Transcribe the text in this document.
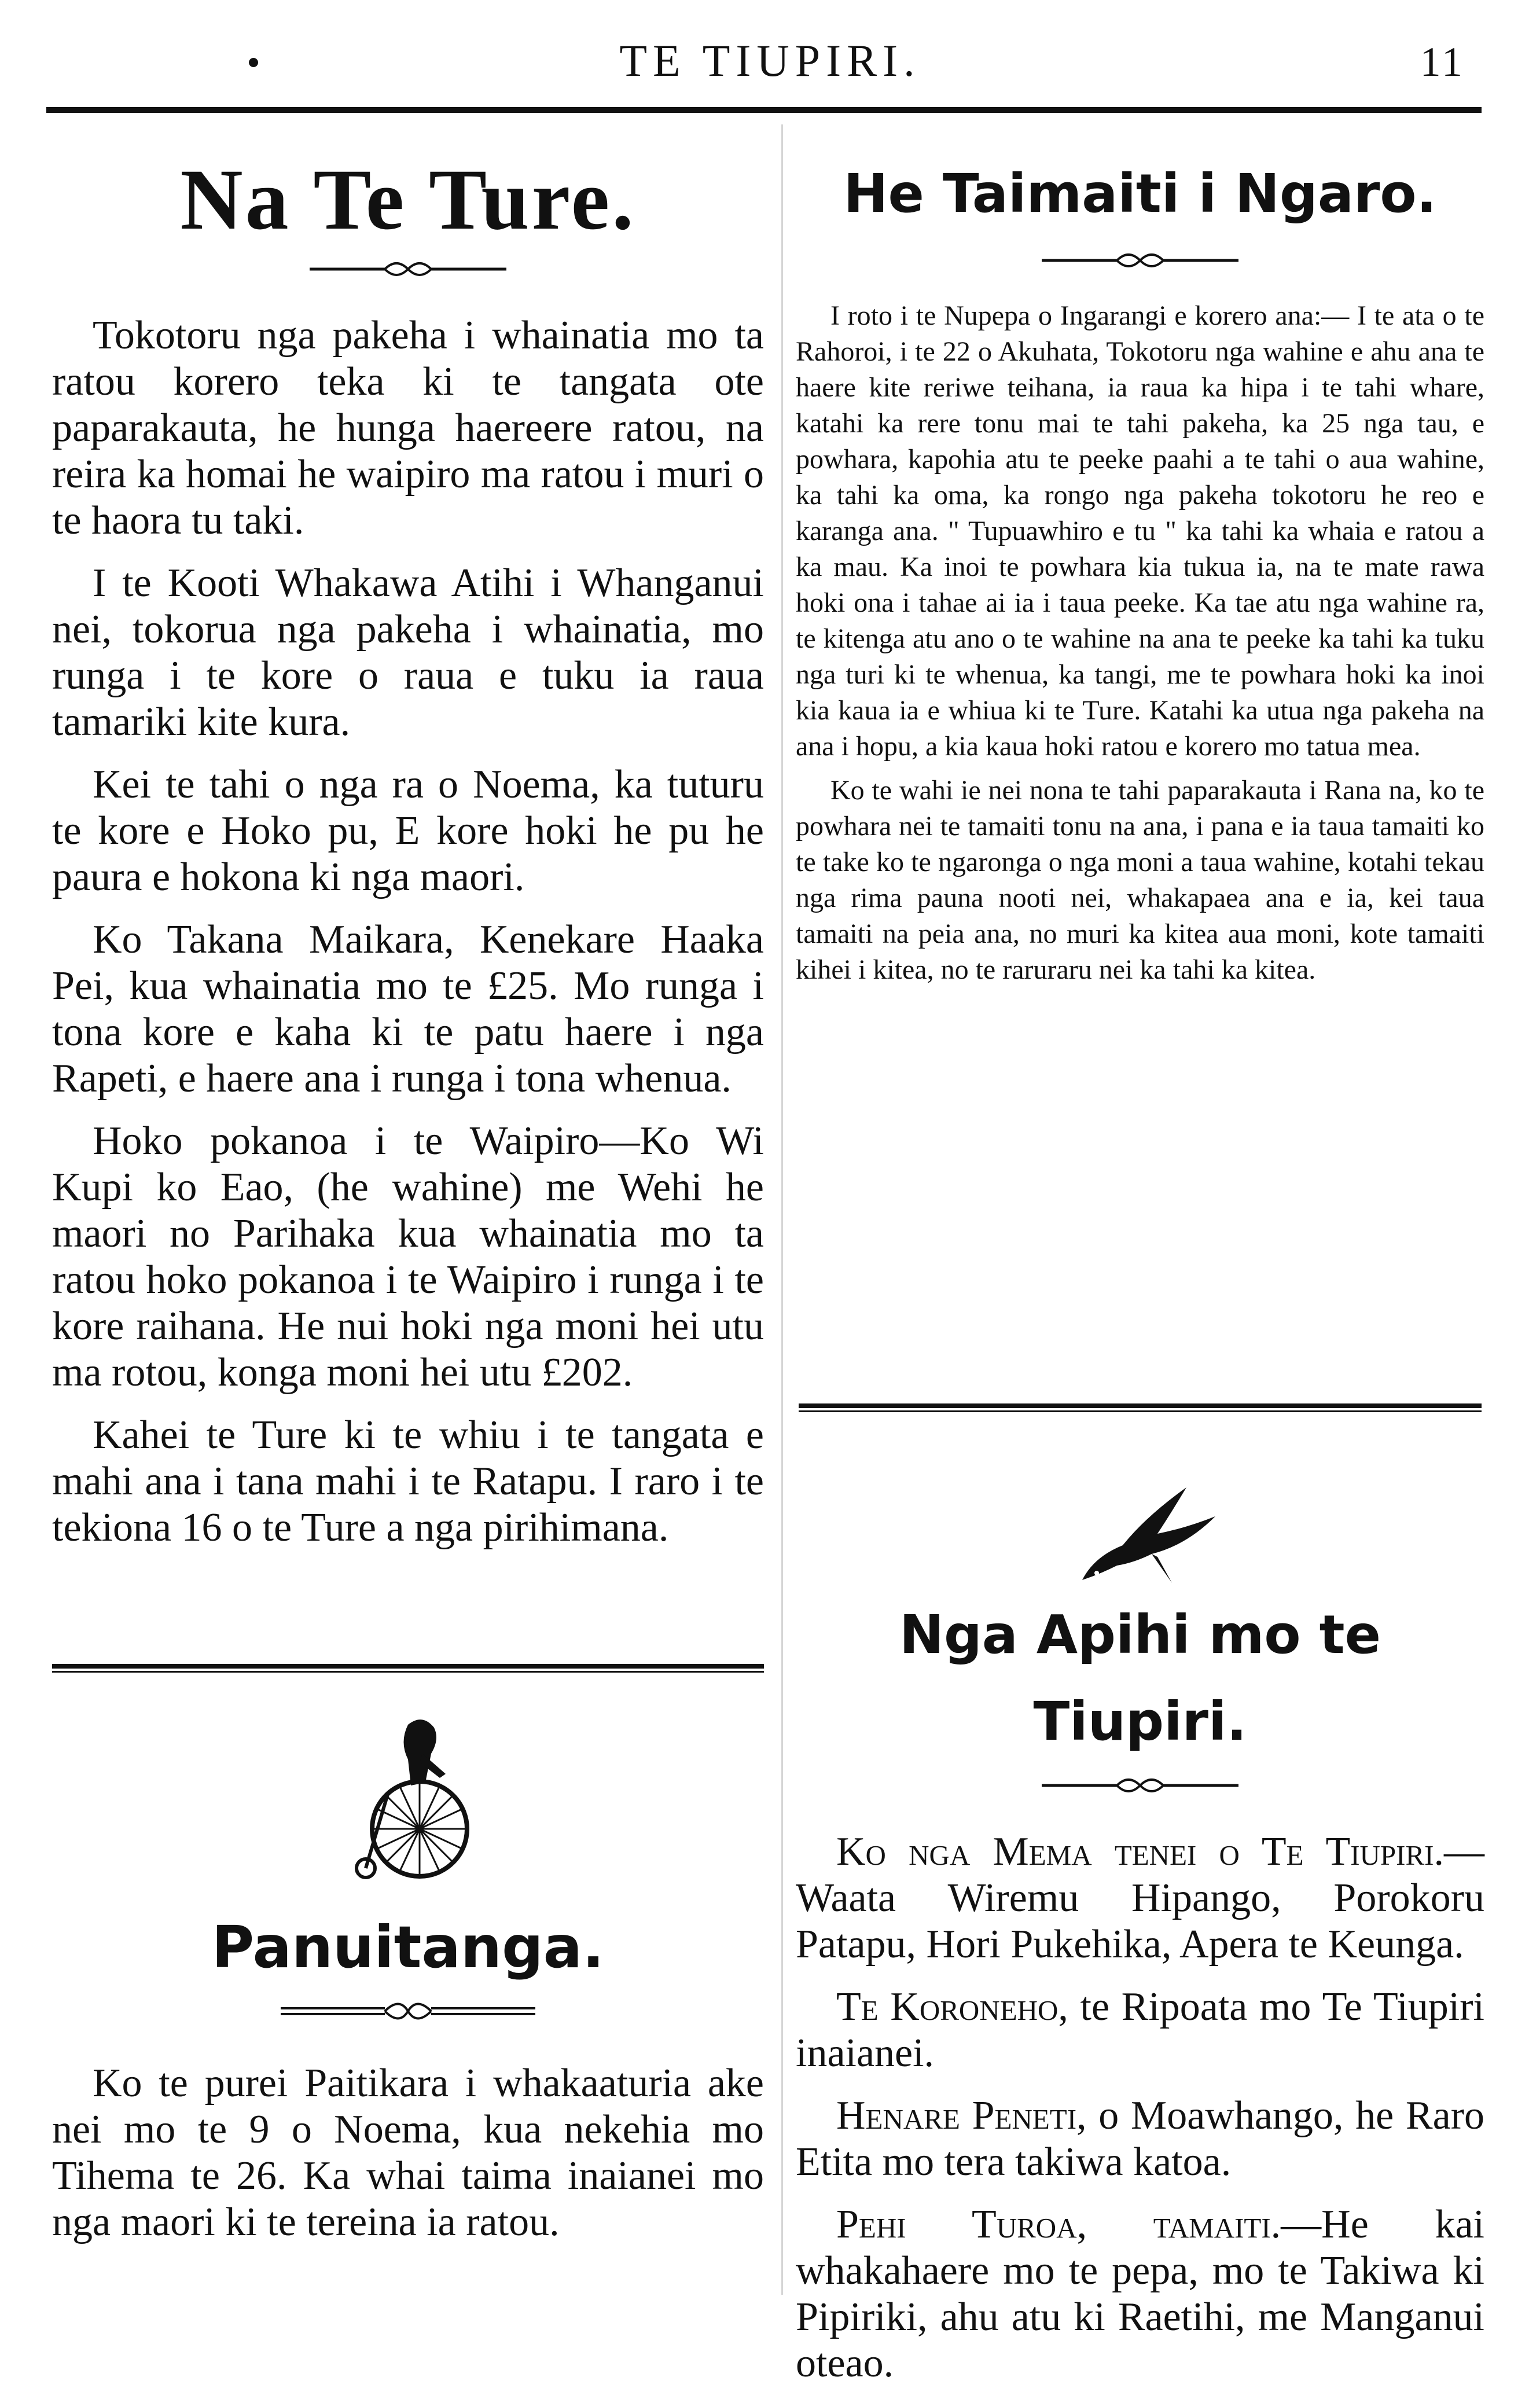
TE TIUPIRI.	11
Na Te Ture.

Tokotoru nga pakeha i whainatia mo ta ratou korero teka ki te tangata ote paparakauta, he hunga haereere ratou, na reira ka homai he waipiro ma ratou i muri o te haora tu taki.

I te Kooti Whakawa Atihi i Whanganui nei, tokorua nga pakeha i whainatia, mo runga i te kore o raua e tuku ia raua tamariki kite kura.

Kei te tahi o nga ra o Noema, ka tuturu te kore e Hoko pu, E kore hoki he pu he paura e hokona ki nga maori.

Ko Takana Maikara, Kenekare Haaka Pei, kua whainatia mo te £25. Mo runga i tona kore e kaha ki te patu haere i nga Rapeti, e haere ana i runga i tona whenua.

Hoko pokanoa i te Waipiro—Ko Wi Kupi ko Eao, (he wahine) me Wehi he maori no Parihaka kua whainatia mo ta ratou hoko pokanoa i te Waipiro i runga i te kore raihana. He nui hoki nga moni hei utu ma rotou, konga moni hei utu £202.

Kahei te Ture ki te whiu i te tangata e mahi ana i tana mahi i te Ratapu. I raro i te tekiona 16 o te Ture a nga pirihimana.

Panuitanga.

Ko te purei Paitikara i whakaaturia ake nei mo te 9 o Noema, kua nekehia mo Tihema te 26. Ka whai taima inaianei mo nga maori ki te tereina ia ratou.

He Taimaiti i Ngaro.

I roto i te Nupepa o Ingarangi e korero ana:— I te ata o te Rahoroi, i te 22 o Akuhata, Tokotoru nga wahine e ahu ana te haere kite reriwe teihana, ia raua ka hipa i te tahi whare, katahi ka rere tonu mai te tahi pakeha, ka 25 nga tau, e powhara, kapohia atu te peeke paahi a te tahi o aua wahine, ka tahi ka oma, ka rongo nga pakeha tokotoru he reo e karanga ana. " Tupuawhiro e tu " ka tahi ka whaia e ratou a ka mau. Ka inoi te powhara kia tukua ia, na te mate rawa hoki ona i tahae ai ia i taua peeke. Ka tae atu nga wahine ra, te kitenga atu ano o te wahine na ana te peeke ka tahi ka tuku nga turi ki te whenua, ka tangi, me te powhara hoki ka inoi kia kaua ia e whiua ki te Ture. Katahi ka utua nga pakeha na ana i hopu, a kia kaua hoki ratou e korero mo tatua mea.

Ko te wahi ie nei nona te tahi paparakauta i Rana na, ko te powhara nei te tamaiti tonu na ana, i pana e ia taua tamaiti ko te take ko te ngaronga o nga moni a taua wahine, kotahi tekau nga rima pauna nooti nei, whakapaea ana e ia, kei taua tamaiti na peia ana, no muri ka kitea aua moni, kote tamaiti kihei i kitea, no te raruraru nei ka tahi ka kitea.

Nga Apihi mo te Tiupiri.

Ko nga Mema tenei o Te Tiupiri.— Waata Wiremu Hipango, Porokoru Patapu, Hori Pukehika, Apera te Keunga.

Te Koroneho, te Ripoata mo Te Tiupiri inaianei.

Henare Peneti, o Moawhango, he Raro Etita mo tera takiwa katoa.

Pehi Turoa, tamaiti.—He kai whakahaere mo te pepa, mo te Takiwa ki Pipiriki, ahu atu ki Raetihi, me Manganui oteao.
